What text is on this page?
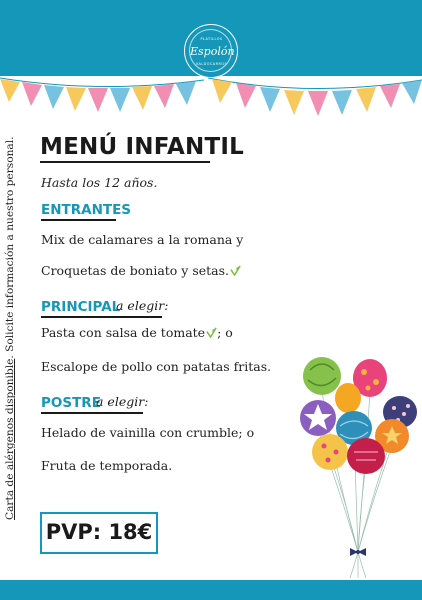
PLATILLOS
Espolón
VALDOCARROS
Carta de alérgenos disponible. Solicite información a nuestro personal. MENÚ INFANTIL
Hasta los 12 años.
ENTRANTES
Mix de calamares a la romana y
Croquetas de boniato y setas.
PRINCIPAL
a elegir:
Pasta con salsa de tomate ; o
Escalope de pollo con patatas fritas.
POSTRE
a elegir:
Helado de vainilla con crumble; o
Fruta de temporada.
PVP: 18€
